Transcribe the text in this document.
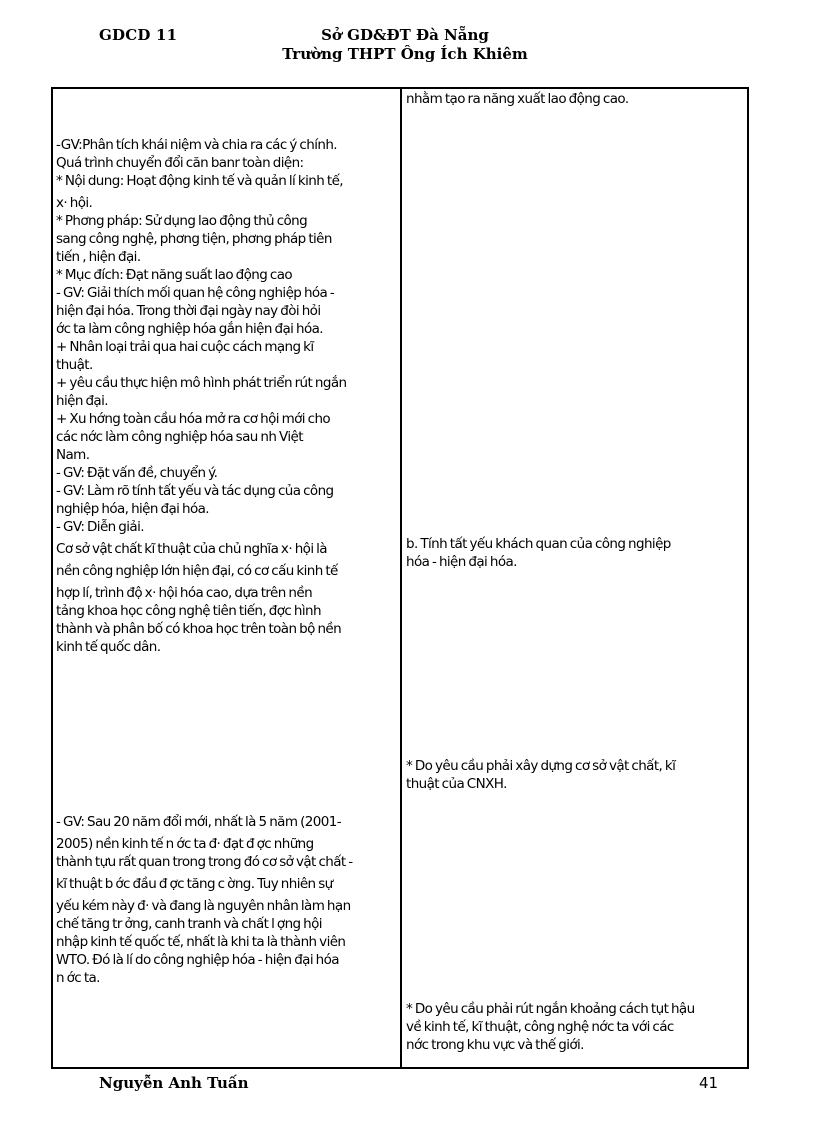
GDCD 11	Sở GD&ĐT Đà Nẵng
Trường THPT Ông Ích Khiêm
nhằm tạo ra năng xuất lao động cao.
b. Tính tất yếu khách quan của công nghiệp
hóa - hiện đại hóa.
* Do yêu cầu phải xây dựng cơ sở vật chất, kĩ
thuật của CNXH.
* Do yêu cầu phải rút ngắn khoảng cách tụt hậu
về kinh tế, kĩ thuật, công nghệ nớc ta với các
nớc trong khu vực và thế giới.
-GV:Phân tích khái niệm và chia ra các ý chính.
Quá trình chuyển đổi căn banr toàn diện:
* Nội dung: Hoạt động kinh tế và quản lí kinh tế,
x· hội.
* Phơng pháp: Sử dụng lao động thủ công
sang công nghệ, phơng tiện, phơng pháp tiên
tiến , hiện đại.
* Mục đích: Đạt năng suất lao động cao
- GV: Giải thích mối quan hệ công nghiệp hóa -
hiện đại hóa. Trong thời đại ngày nay đòi hỏi
ớc ta làm công nghiệp hóa gắn hiện đại hóa.
+ Nhân loại trải qua hai cuộc cách mạng kĩ
thuật.
+ yêu cầu thực hiện mô hình phát triển rút ngắn
hiện đại.
+ Xu hớng toàn cầu hóa mở ra cơ hội mới cho
các nớc làm công nghiệp hóa sau nh Việt
Nam.
- GV: Đặt vấn đề, chuyển ý.
- GV: Làm rõ tính tất yếu và tác dụng của công
nghiệp hóa, hiện đại hóa.
- GV: Diễn giải.
Cơ sở vật chất kĩ thuật của chủ nghĩa x· hội là
nền công nghiệp lớn hiện đại, có cơ cấu kinh tế
hợp lí, trình độ x· hội hóa cao, dựa trên nền
tảng khoa học công nghệ tiên tiến, đợc hình
thành và phân bố có khoa học trên toàn bộ nền
kinh tế quốc dân.
- GV: Sau 20 năm đổi mới, nhất là 5 năm (2001-
2005) nền kinh tế n ớc ta đ· đạt đ ợc những
thành tựu rất quan trong trong đó cơ sở vật chất -
kĩ thuật b ớc đầu đ ợc tăng c ờng. Tuy nhiên sự
yếu kém này đ· và đang là nguyên nhân làm hạn
chế tăng tr ởng, canh tranh và chất l ợng hội
nhập kinh tế quốc tế, nhất là khi ta là thành viên
WTO. Đó là lí do công nghiệp hóa - hiện đại hóa
n ớc ta.
Nguyễn Anh Tuấn	41
